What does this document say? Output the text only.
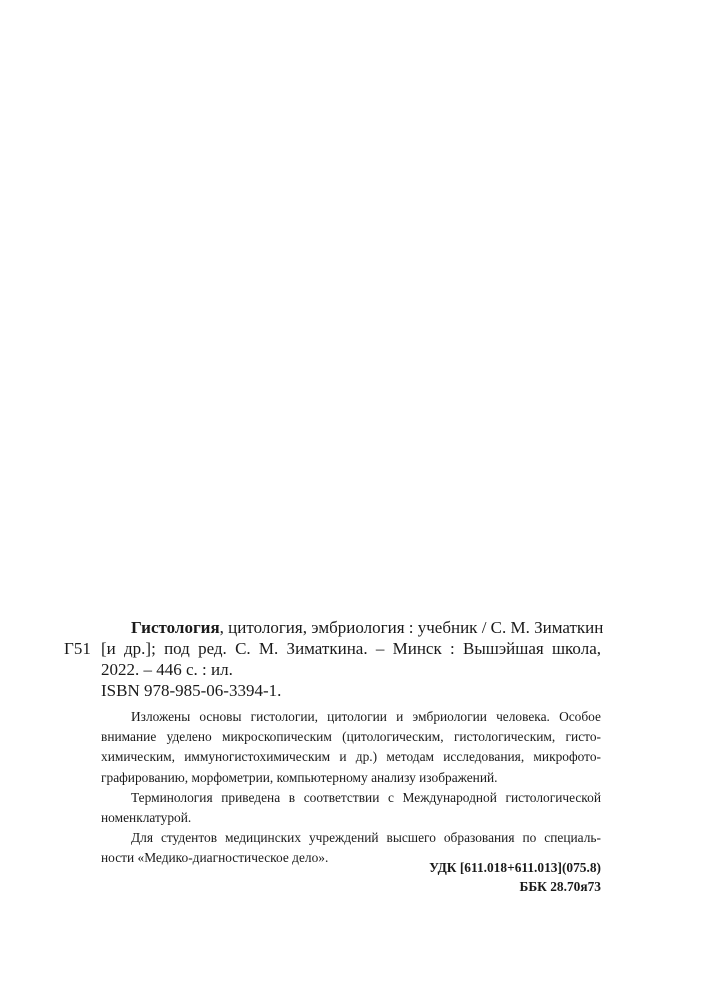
Г51
Гистология, цитология, эмбриология : учебник / С. М. Зиматкин
[и др.]; под ред. С. М. Зиматкина. – Минск : Вышэйшая школа,
2022. – 446 с. : ил.
ISBN 978-985-06-3394-1.
Изложены основы гистологии, цитологии и эмбриологии человека. Особое
внимание уделено микроскопическим (цитологическим, гистологическим, гисто-
химическим, иммуногистохимическим и др.) методам исследования, микрофото-
графированию, морфометрии, компьютерному анализу изображений.
Терминология приведена в соответствии с Международной гистологической
номенклатурой.
Для студентов медицинских учреждений высшего образования по специаль-
ности «Медико-диагностическое дело».
УДК [611.018+611.013](075.8)
ББК 28.70я73
